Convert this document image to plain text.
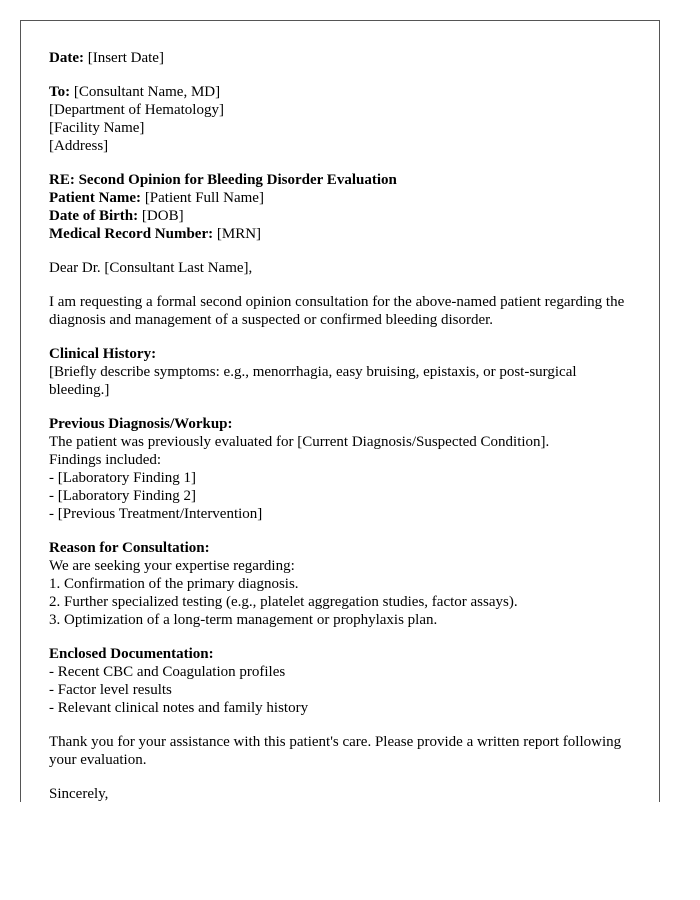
Date: [Insert Date]
To: [Consultant Name, MD]
[Department of Hematology]
[Facility Name]
[Address]
RE: Second Opinion for Bleeding Disorder Evaluation
Patient Name: [Patient Full Name]
Date of Birth: [DOB]
Medical Record Number: [MRN]
Dear Dr. [Consultant Last Name],
I am requesting a formal second opinion consultation for the above-named patient regarding the diagnosis and management of a suspected or confirmed bleeding disorder.
Clinical History:
[Briefly describe symptoms: e.g., menorrhagia, easy bruising, epistaxis, or post-surgical bleeding.]
Previous Diagnosis/Workup:
The patient was previously evaluated for [Current Diagnosis/Suspected Condition].
Findings included:
- [Laboratory Finding 1]
- [Laboratory Finding 2]
- [Previous Treatment/Intervention]
Reason for Consultation:
We are seeking your expertise regarding:
1. Confirmation of the primary diagnosis.
2. Further specialized testing (e.g., platelet aggregation studies, factor assays).
3. Optimization of a long-term management or prophylaxis plan.
Enclosed Documentation:
- Recent CBC and Coagulation profiles
- Factor level results
- Relevant clinical notes and family history
Thank you for your assistance with this patient's care. Please provide a written report following your evaluation.
Sincerely,
